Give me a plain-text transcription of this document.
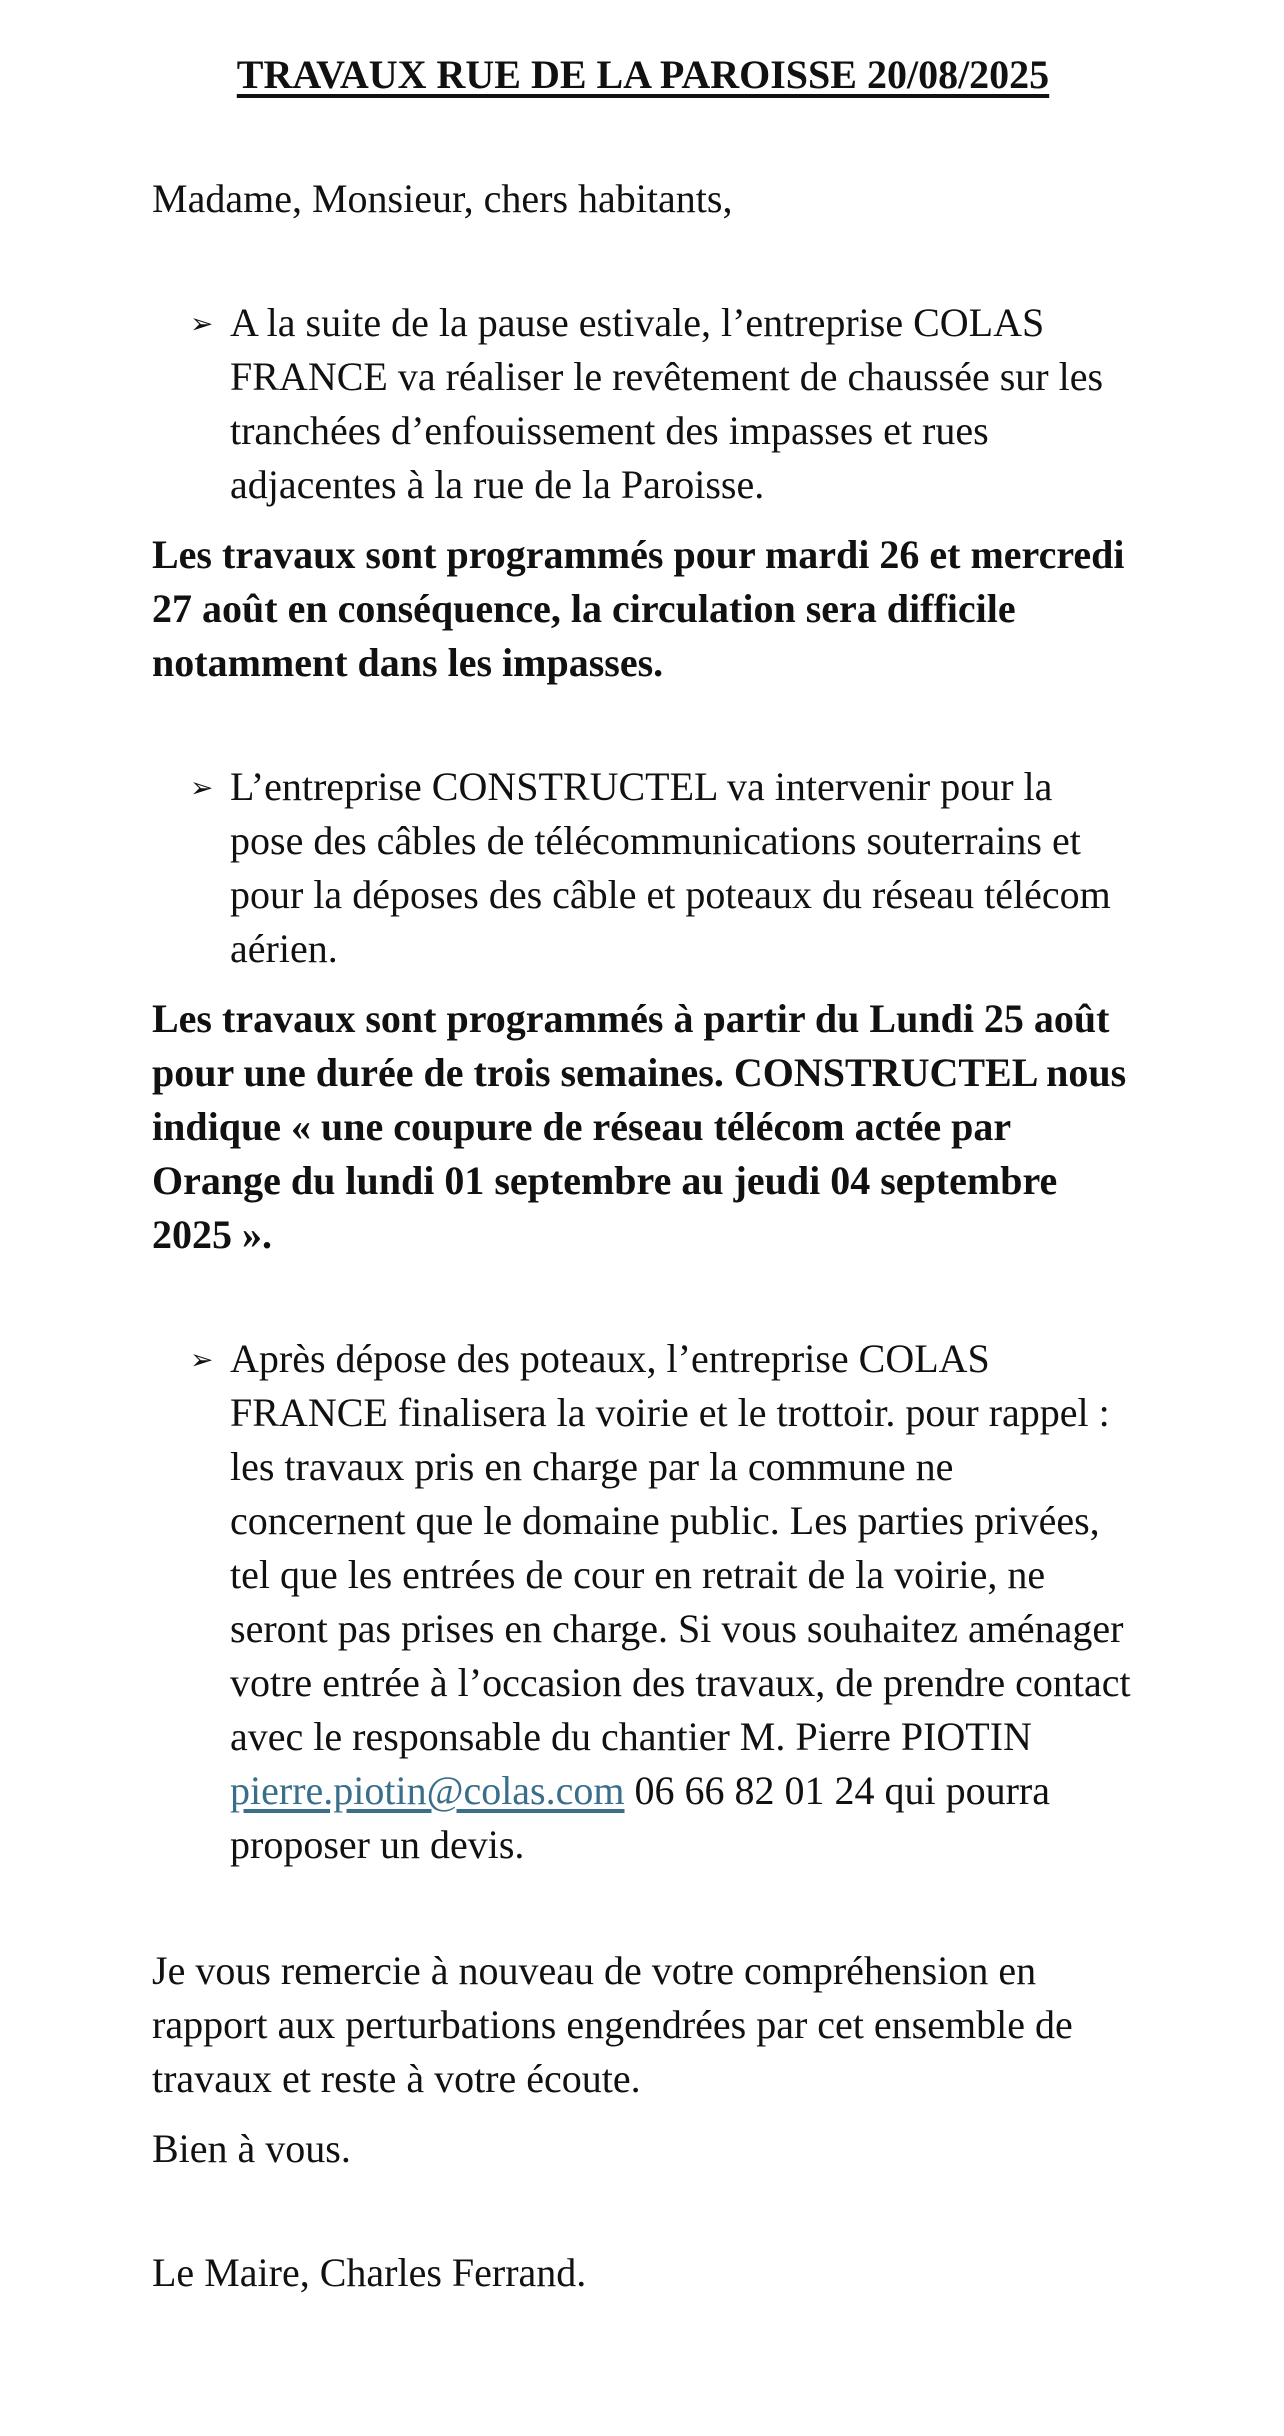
TRAVAUX RUE DE LA PAROISSE 20/08/2025

Madame, Monsieur, chers habitants,

➢ A la suite de la pause estivale, l’entreprise COLAS FRANCE va réaliser le revêtement de chaussée sur les tranchées d’enfouissement des impasses et rues adjacentes à la rue de la Paroisse.

Les travaux sont programmés pour mardi 26 et mercredi 27 août en conséquence, la circulation sera difficile notamment dans les impasses.

➢ L’entreprise CONSTRUCTEL va intervenir pour la pose des câbles de télécommunications souterrains et pour la déposes des câble et poteaux du réseau télécom aérien.

Les travaux sont programmés à partir du Lundi 25 août pour une durée de trois semaines. CONSTRUCTEL nous indique « une coupure de réseau télécom actée par Orange du lundi 01 septembre au jeudi 04 septembre 2025 ».

➢ Après dépose des poteaux, l’entreprise COLAS FRANCE finalisera la voirie et le trottoir. pour rappel : les travaux pris en charge par la commune ne concernent que le domaine public. Les parties privées, tel que les entrées de cour en retrait de la voirie, ne seront pas prises en charge. Si vous souhaitez aménager votre entrée à l’occasion des travaux, de prendre contact avec le responsable du chantier M. Pierre PIOTIN pierre.piotin@colas.com 06 66 82 01 24 qui pourra proposer un devis.

Je vous remercie à nouveau de votre compréhension en rapport aux perturbations engendrées par cet ensemble de travaux et reste à votre écoute.

Bien à vous.

Le Maire, Charles Ferrand.
